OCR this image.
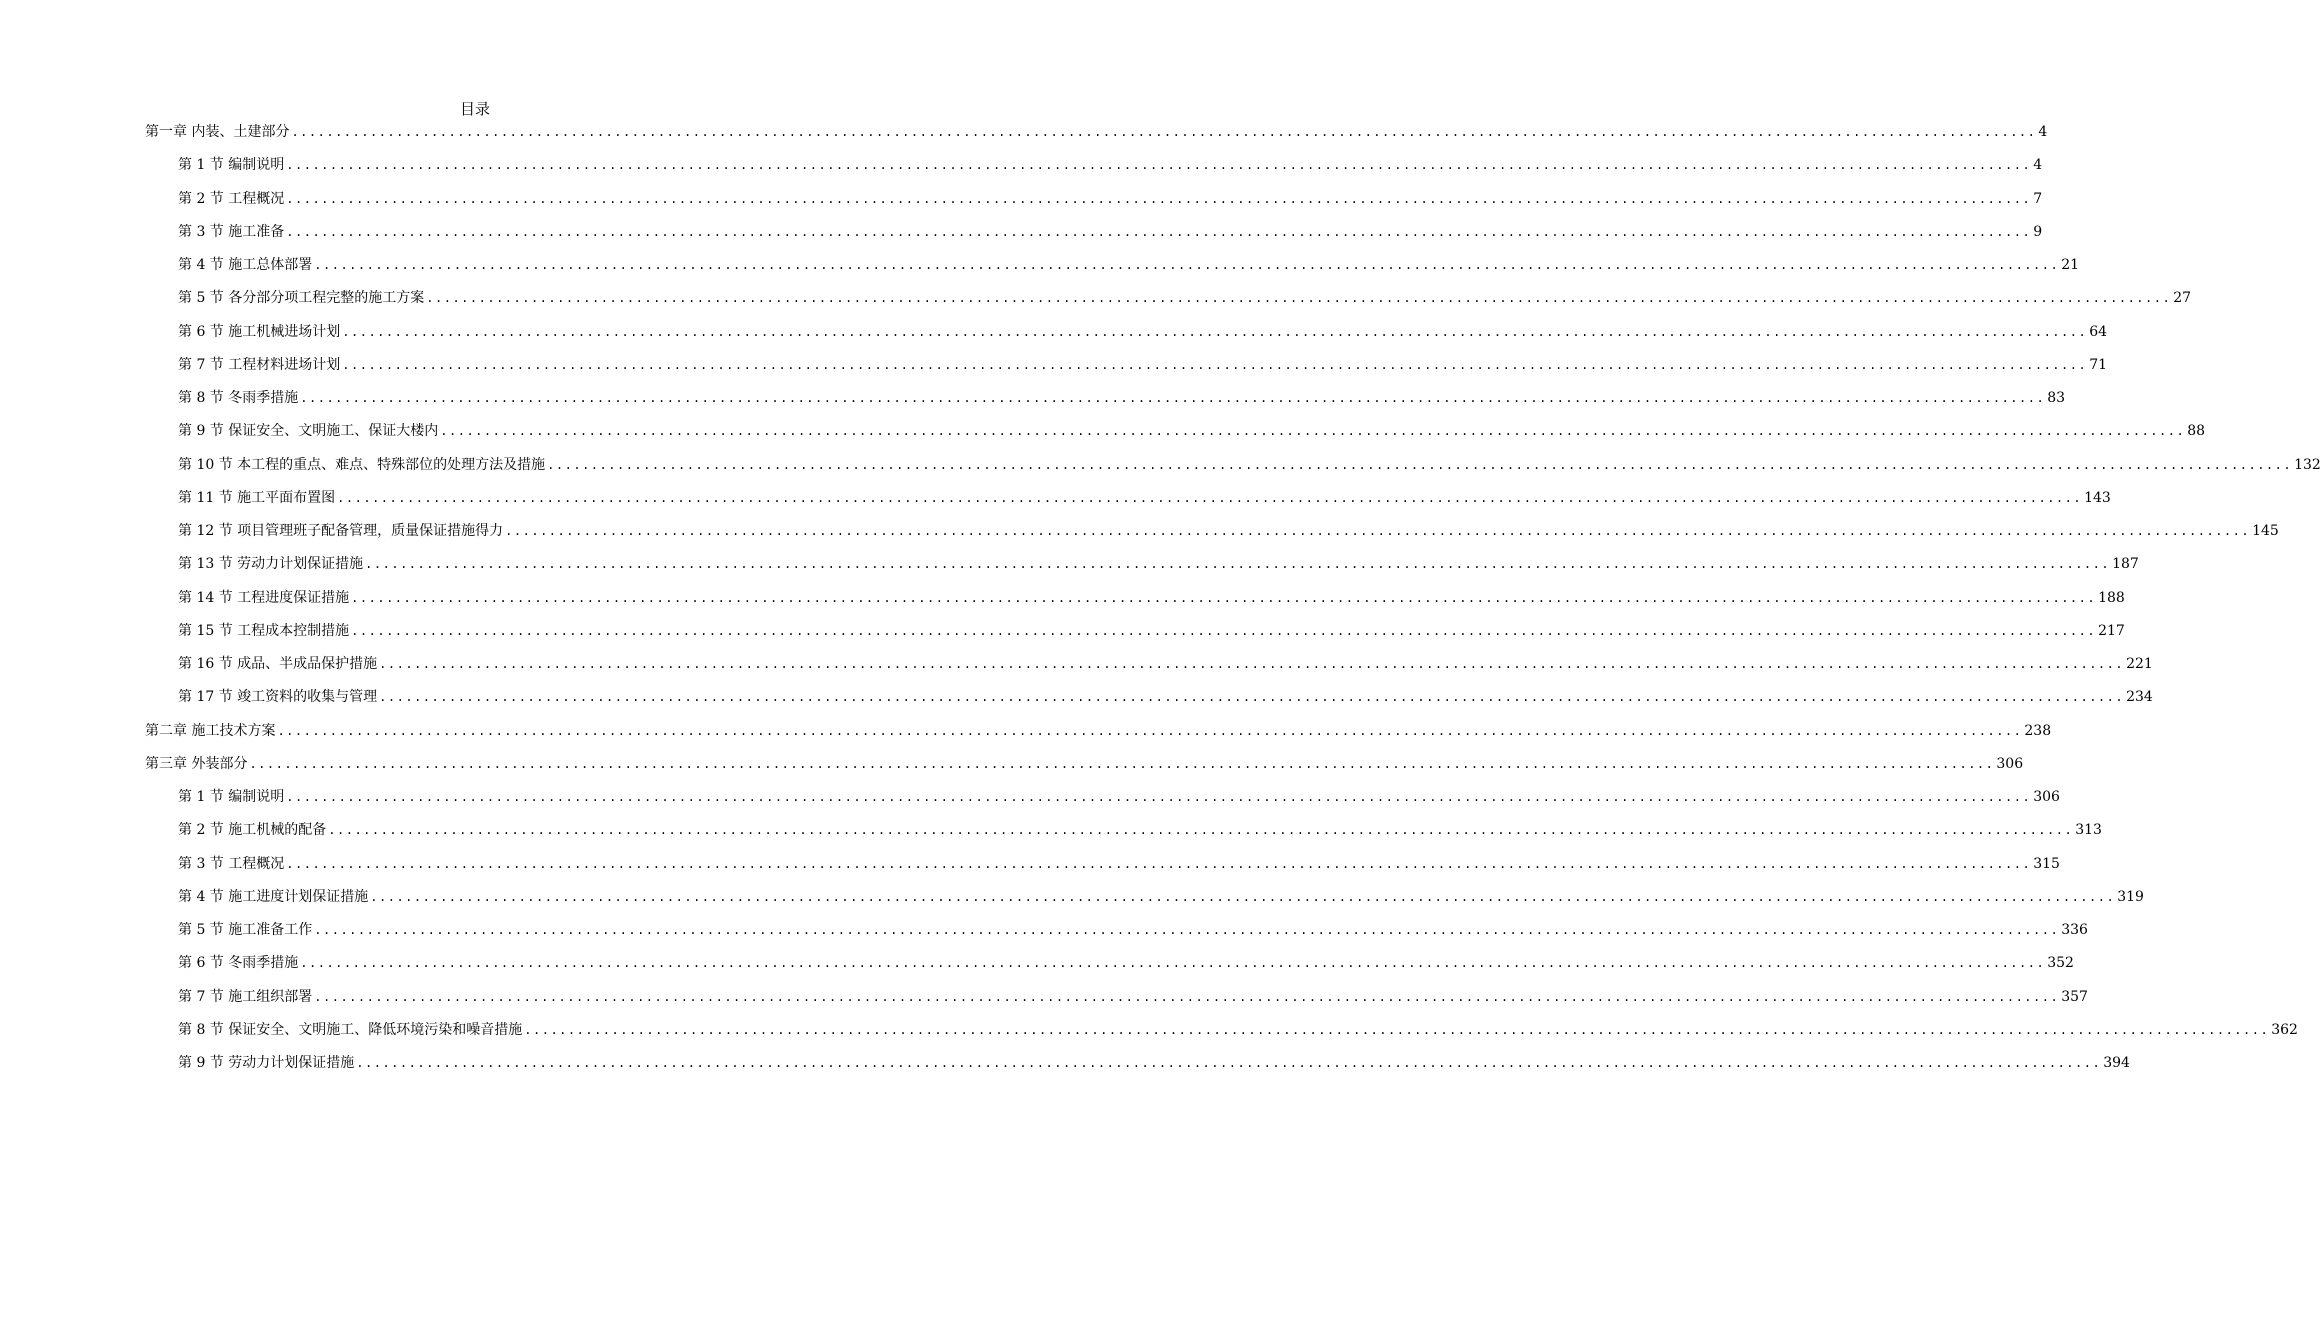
目录
第一章 内装、土建部分 ........................................................................................................................................................................................................ 4
第 1 节 编制说明 ........................................................................................................................................................................................................ 4
第 2 节 工程概况 ........................................................................................................................................................................................................ 7
第 3 节 施工准备 ........................................................................................................................................................................................................ 9
第 4 节 施工总体部署 ........................................................................................................................................................................................................ 21
第 5 节 各分部分项工程完整的施工方案 ........................................................................................................................................................................................................ 27
第 6 节 施工机械进场计划 ........................................................................................................................................................................................................ 64
第 7 节 工程材料进场计划 ........................................................................................................................................................................................................ 71
第 8 节 冬雨季措施 ........................................................................................................................................................................................................ 83
第 9 节 保证安全、文明施工、保证大楼内 ........................................................................................................................................................................................................ 88
第 10 节 本工程的重点、难点、特殊部位的处理方法及措施 ........................................................................................................................................................................................................ 132
第 11 节 施工平面布置图 ........................................................................................................................................................................................................ 143
第 12 节 项目管理班子配备管理，质量保证措施得力 ........................................................................................................................................................................................................ 145
第 13 节 劳动力计划保证措施 ........................................................................................................................................................................................................ 187
第 14 节 工程进度保证措施 ........................................................................................................................................................................................................ 188
第 15 节 工程成本控制措施 ........................................................................................................................................................................................................ 217
第 16 节 成品、半成品保护措施 ........................................................................................................................................................................................................ 221
第 17 节 竣工资料的收集与管理 ........................................................................................................................................................................................................ 234
第二章 施工技术方案 ........................................................................................................................................................................................................ 238
第三章 外装部分 ........................................................................................................................................................................................................ 306
第 1 节 编制说明 ........................................................................................................................................................................................................ 306
第 2 节 施工机械的配备 ........................................................................................................................................................................................................ 313
第 3 节 工程概况 ........................................................................................................................................................................................................ 315
第 4 节 施工进度计划保证措施 ........................................................................................................................................................................................................ 319
第 5 节 施工准备工作 ........................................................................................................................................................................................................ 336
第 6 节 冬雨季措施 ........................................................................................................................................................................................................ 352
第 7 节 施工组织部署 ........................................................................................................................................................................................................ 357
第 8 节 保证安全、文明施工、降低环境污染和噪音措施 ........................................................................................................................................................................................................ 362
第 9 节 劳动力计划保证措施 ........................................................................................................................................................................................................ 394
